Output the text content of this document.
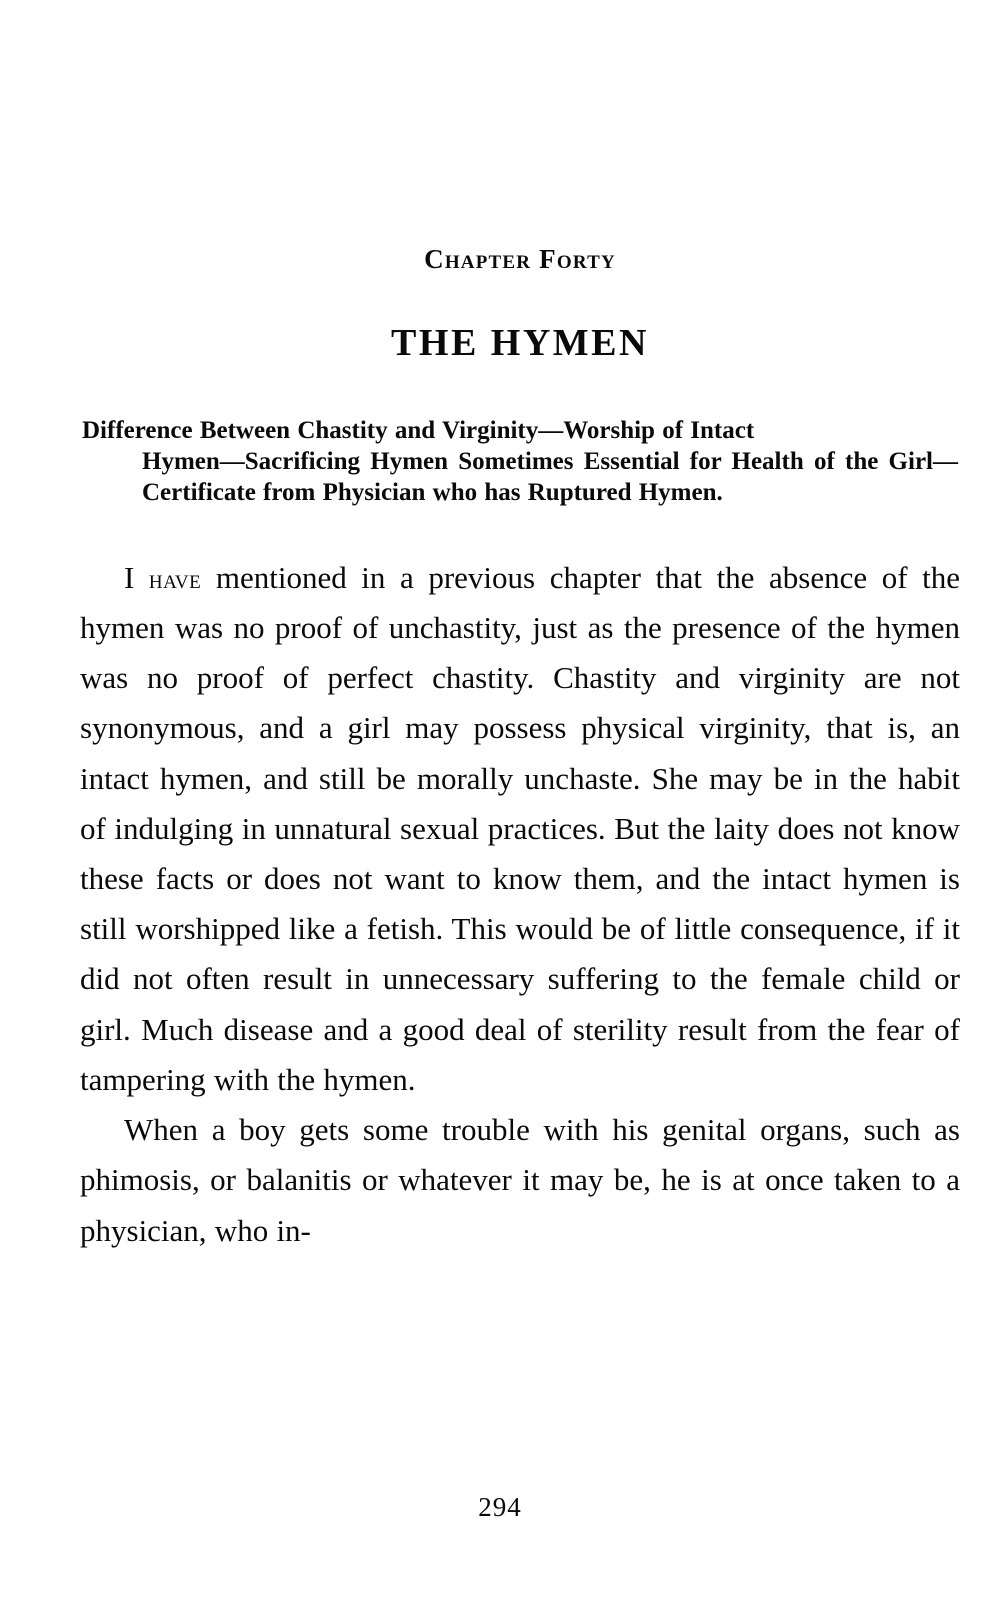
Chapter Forty
THE HYMEN
Difference Between Chastity and Virginity—Worship of Intact
Hymen—Sacrificing Hymen Sometimes Essential for Health of the Girl—Certificate from Physician who has Ruptured Hymen.

I have mentioned in a previous chapter that the absence of the hymen was no proof of unchastity, just as the presence of the hymen was no proof of perfect chastity. Chastity and virginity are not synonymous, and a girl may possess physical virginity, that is, an intact hymen, and still be morally unchaste. She may be in the habit of indulging in unnatural sexual practices. But the laity does not know these facts or does not want to know them, and the intact hymen is still worshipped like a fetish. This would be of little consequence, if it did not often result in unnecessary suffering to the female child or girl. Much disease and a good deal of sterility result from the fear of tampering with the hymen.

When a boy gets some trouble with his genital organs, such as phimosis, or balanitis or whatever it may be, he is at once taken to a physician, who in-

294
